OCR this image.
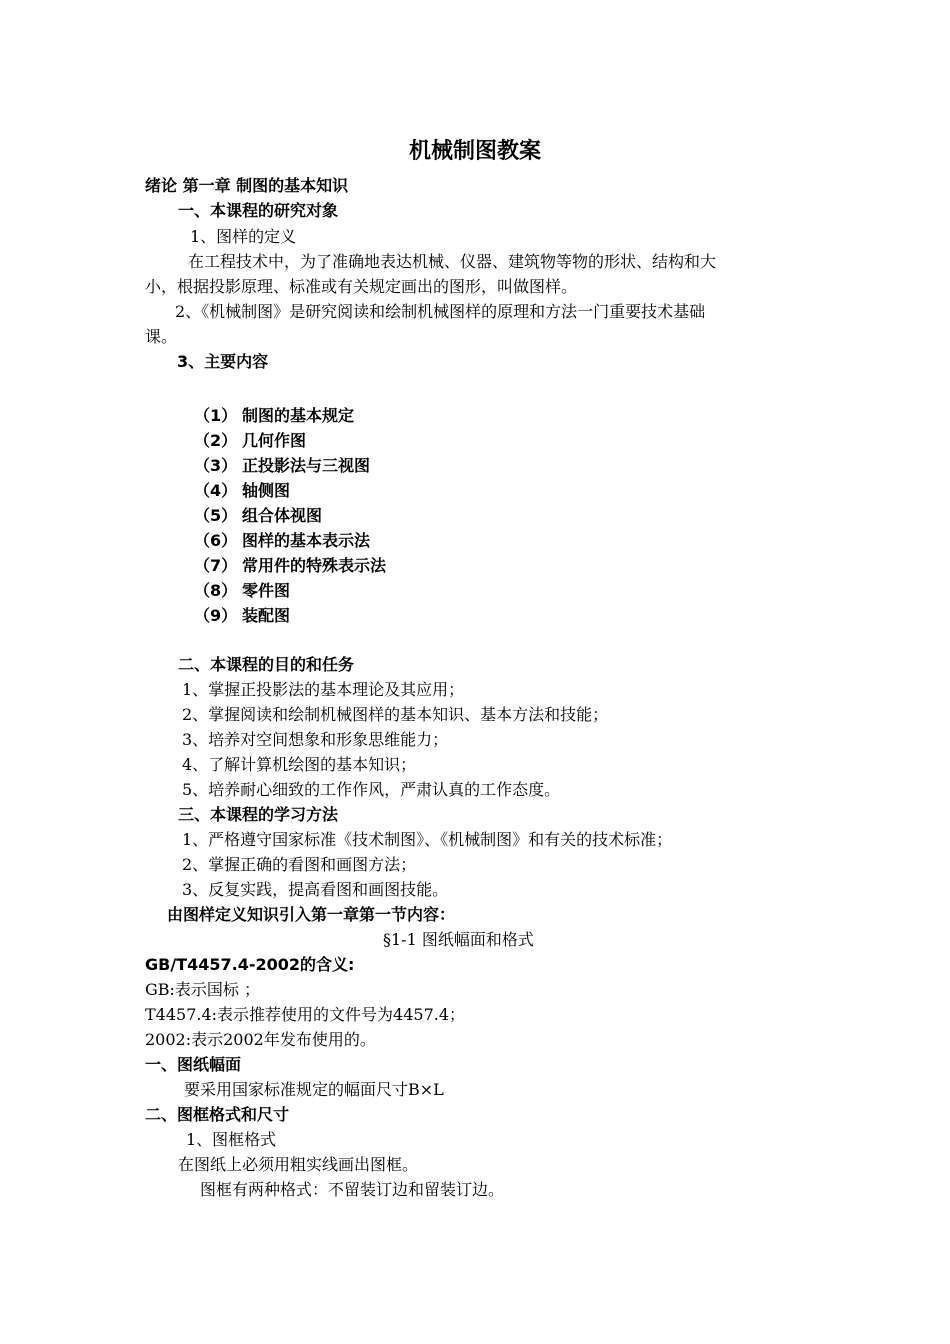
机械制图教案
绪论 第一章 制图的基本知识
一、本课程的研究对象
1、图样的定义
在工程技术中，为了准确地表达机械、仪器、建筑物等物的形状、结构和大
小，根据投影原理、标准或有关规定画出的图形，叫做图样。
2、《机械制图》是研究阅读和绘制机械图样的原理和方法一门重要技术基础
课。
3、主要内容
（1） 制图的基本规定
（2） 几何作图
（3） 正投影法与三视图
（4） 轴侧图
（5） 组合体视图
（6） 图样的基本表示法
（7） 常用件的特殊表示法
（8） 零件图
（9） 装配图
二、本课程的目的和任务
1、掌握正投影法的基本理论及其应用；
2、掌握阅读和绘制机械图样的基本知识、基本方法和技能；
3、培养对空间想象和形象思维能力；
4、了解计算机绘图的基本知识；
5、培养耐心细致的工作作风，严肃认真的工作态度。
三、本课程的学习方法
1、严格遵守国家标准《技术制图》、《机械制图》和有关的技术标准；
2、掌握正确的看图和画图方法；
3、反复实践，提高看图和画图技能。
由图样定义知识引入第一章第一节内容：
§1-1 图纸幅面和格式
GB/T4457.4-2002的含义:
GB:表示国标 ；
T4457.4:表示推荐使用的文件号为4457.4；
2002:表示2002年发布使用的。
一、图纸幅面
要采用国家标准规定的幅面尺寸B×L
二、图框格式和尺寸
1、图框格式
在图纸上必须用粗实线画出图框。
图框有两种格式：不留装订边和留装订边。
